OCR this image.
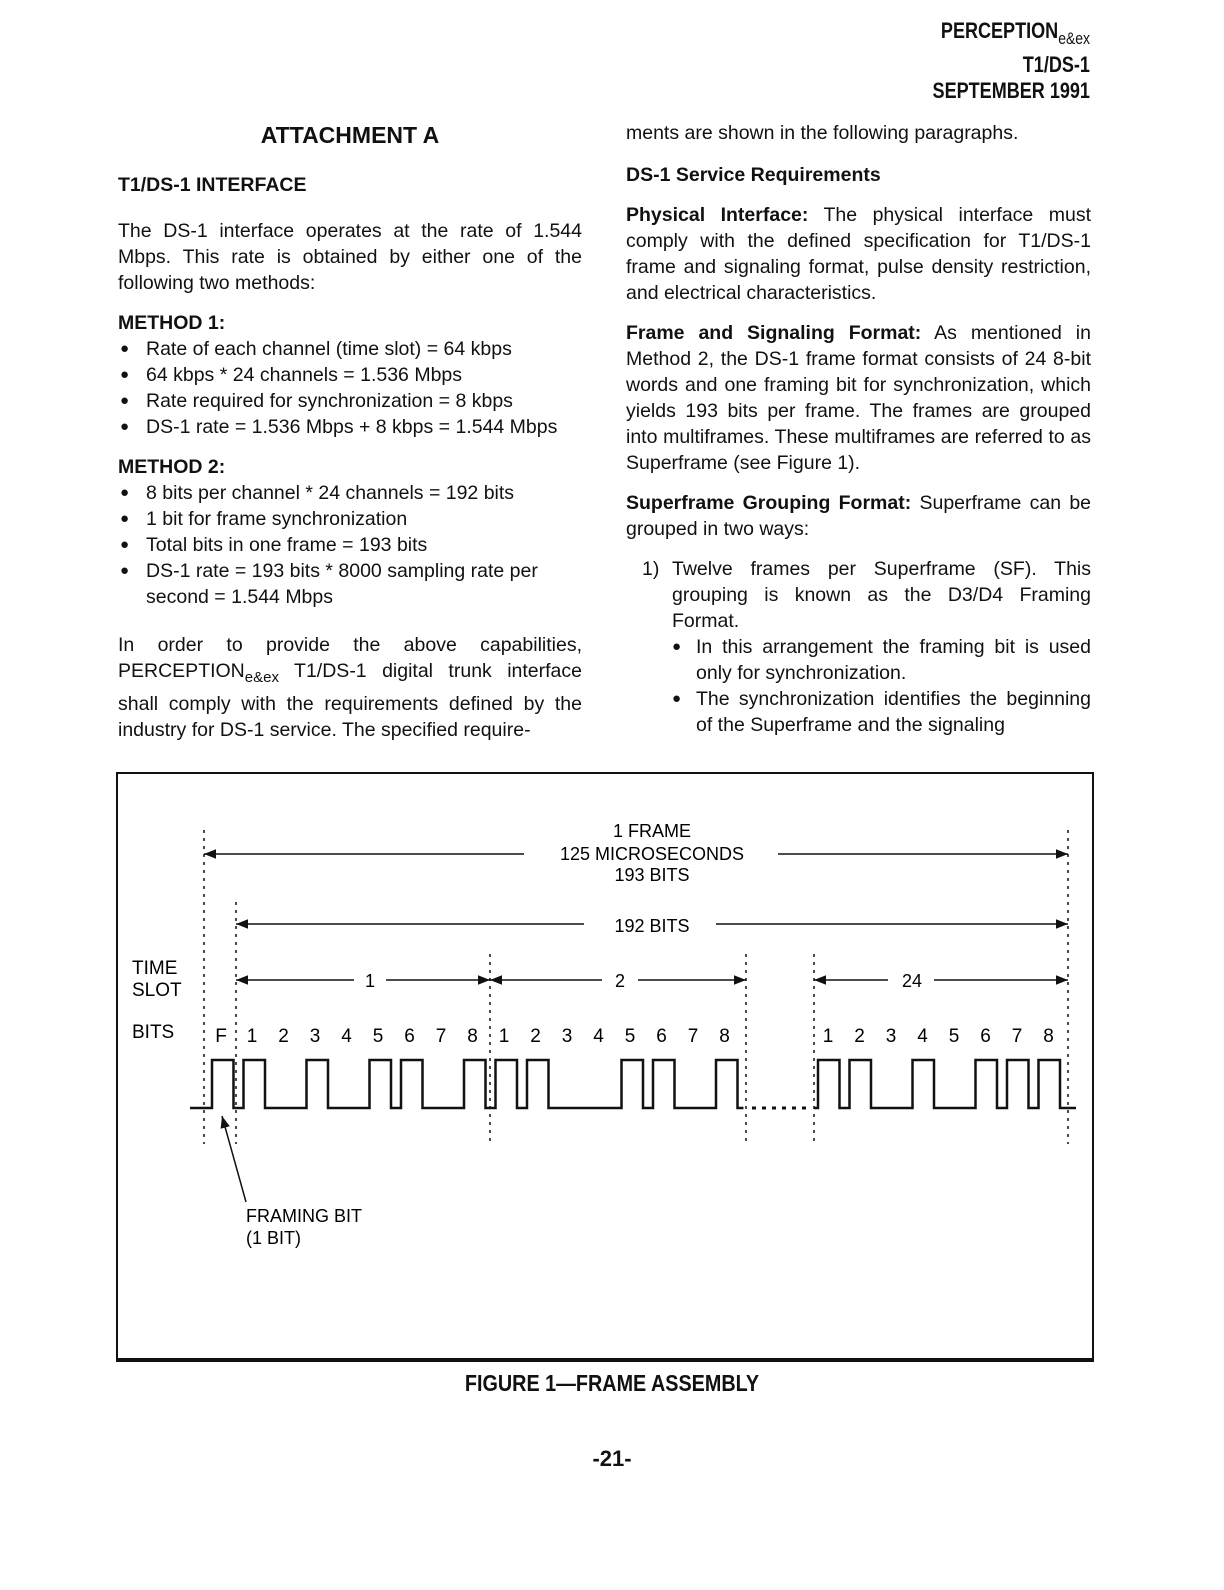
$PERCEPTION_{e\&ex}$
T1/DS-1
SEPTEMBER 1991
ATTACHMENT A
T1/DS-1 INTERFACE

The DS-1 interface operates at the rate of 1.544 Mbps. This rate is obtained by either one of the following two methods:

METHOD 1:
● Rate of each channel (time slot) = 64 kbps
● 64 kbps * 24 channels = 1.536 Mbps
● Rate required for synchronization = 8 kbps
● DS-1 rate = 1.536 Mbps + 8 kbps = 1.544 Mbps
METHOD 2:
● 8 bits per channel * 24 channels = 192 bits
● 1 bit for frame synchronization
● Total bits in one frame = 193 bits
● DS-1 rate = 193 bits * 8000 sampling rate per second = 1.544 Mbps

In order to provide the above capabilities, $PERCEPTION_{e\&ex}$ T1/DS-1 digital trunk interface shall comply with the requirements defined by the industry for DS-1 service. The specified require-

ments are shown in the following paragraphs.

DS-1 Service Requirements

Physical Interface: The physical interface must comply with the defined specification for T1/DS-1 frame and signaling format, pulse density restriction, and electrical characteristics.

Frame and Signaling Format: As mentioned in Method 2, the DS-1 frame format consists of 24 8-bit words and one framing bit for synchronization, which yields 193 bits per frame. The frames are grouped into multiframes. These multiframes are referred to as Superframe (see Figure 1).

Superframe Grouping Format: Superframe can be grouped in two ways:

1) Twelve frames per Superframe (SF). This grouping is known as the D3/D4 Framing Format.
● In this arrangement the framing bit is used only for synchronization.
● The synchronization identifies the beginning of the Superframe and the signaling
1 FRAME
125 MICROSECONDS
193 BITS
192 BITS
TIME
SLOT	1	2	24
BITS F 1 2 3 4 5 6 7 8 1 2 3 4 5 6 7 8	1 2 3 4 5 6 7 8
FRAMING BIT
(1 BIT)
FIGURE 1—FRAME ASSEMBLY
-21-
